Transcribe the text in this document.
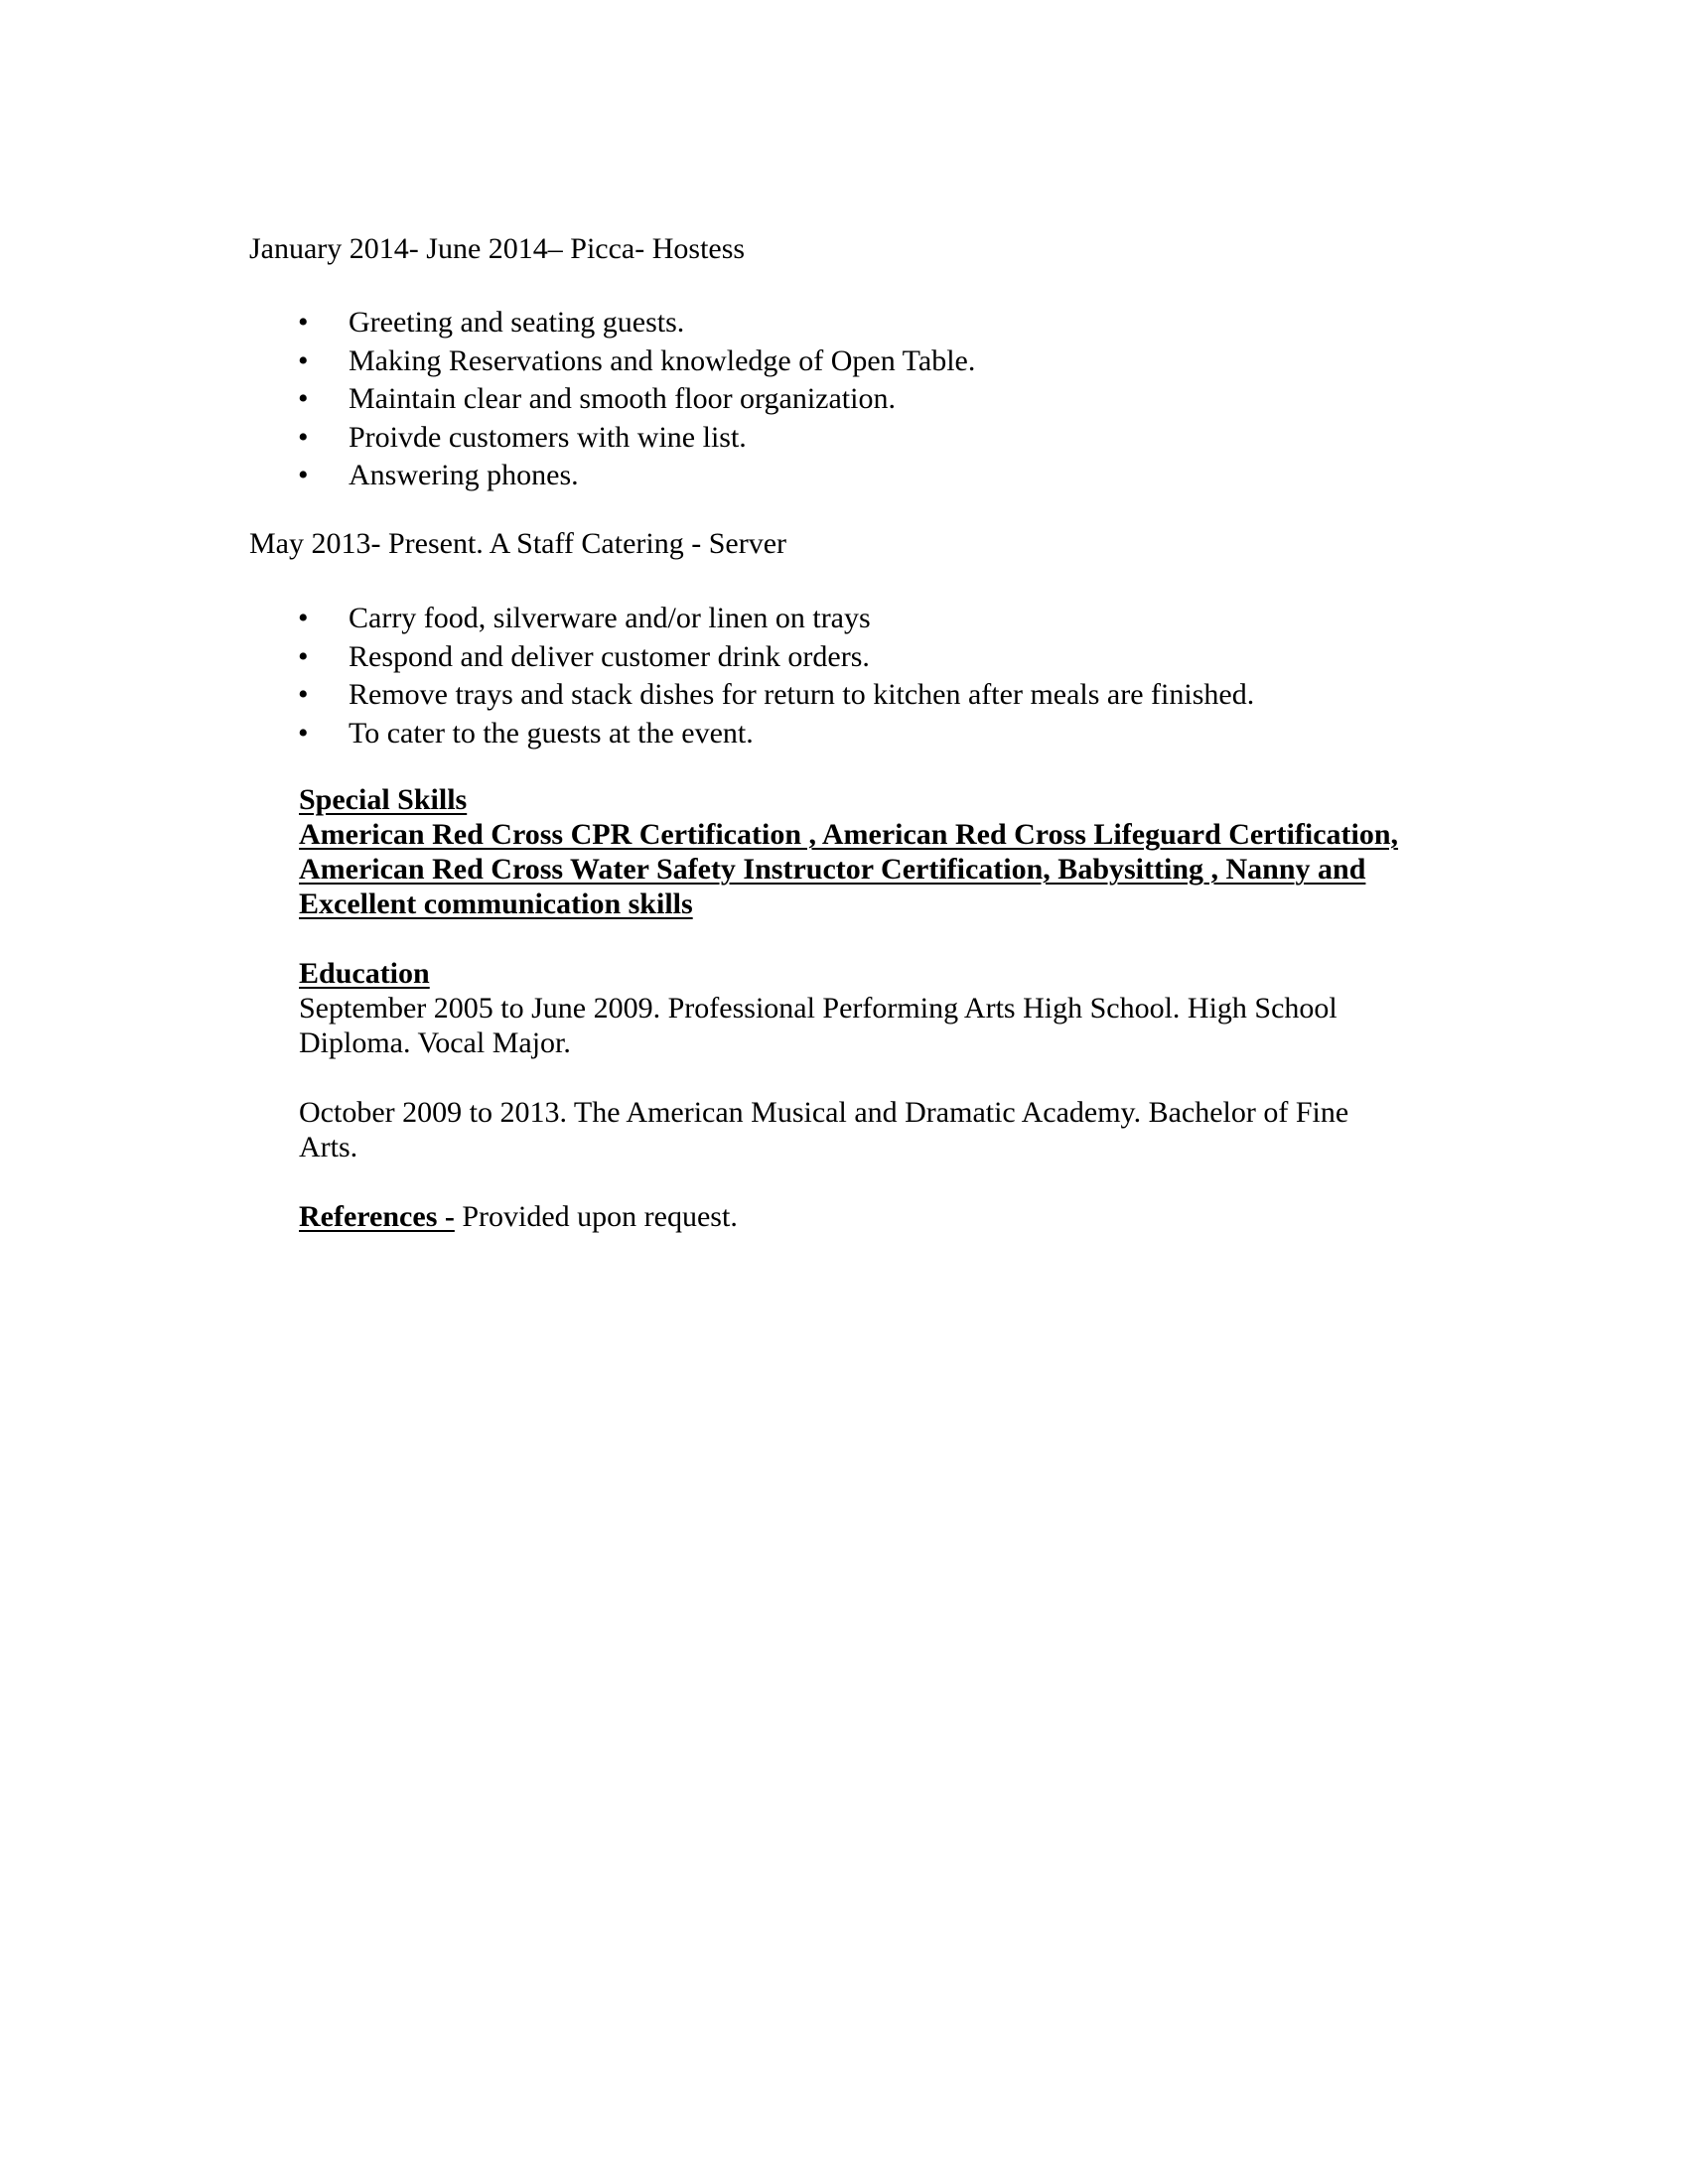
January 2014- June 2014– Picca- Hostess
• Greeting and seating guests.
• Making Reservations and knowledge of Open Table.
• Maintain clear and smooth floor organization.
• Proivde customers with wine list.
• Answering phones.
May 2013- Present. A Staff Catering - Server
• Carry food, silverware and/or linen on trays
• Respond and deliver customer drink orders.
• Remove trays and stack dishes for return to kitchen after meals are finished.
• To cater to the guests at the event.
Special Skills
American Red Cross CPR Certification , American Red Cross Lifeguard Certification,
American Red Cross Water Safety Instructor Certification, Babysitting , Nanny and
Excellent communication skills
Education
September 2005 to June 2009. Professional Performing Arts High School. High School
Diploma. Vocal Major.
October 2009 to 2013. The American Musical and Dramatic Academy. Bachelor of Fine
Arts.
References - Provided upon request.
